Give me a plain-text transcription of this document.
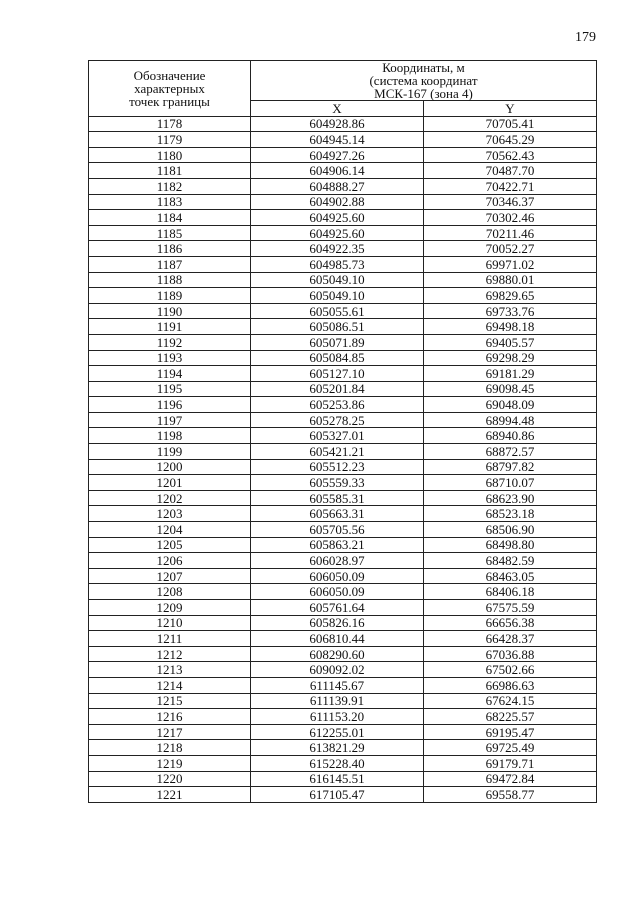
179
Обозначение
характерных
точек границы	Координаты, м
(система координат
МСК-167 (зона 4)	

	X	Y
1178	604928.86	70705.41
1179	604945.14	70645.29
1180	604927.26	70562.43
1181	604906.14	70487.70
1182	604888.27	70422.71
1183	604902.88	70346.37
1184	604925.60	70302.46
1185	604925.60	70211.46
1186	604922.35	70052.27
1187	604985.73	69971.02
1188	605049.10	69880.01
1189	605049.10	69829.65
1190	605055.61	69733.76
1191	605086.51	69498.18
1192	605071.89	69405.57
1193	605084.85	69298.29
1194	605127.10	69181.29
1195	605201.84	69098.45
1196	605253.86	69048.09
1197	605278.25	68994.48
1198	605327.01	68940.86
1199	605421.21	68872.57
1200	605512.23	68797.82
1201	605559.33	68710.07
1202	605585.31	68623.90
1203	605663.31	68523.18
1204	605705.56	68506.90
1205	605863.21	68498.80
1206	606028.97	68482.59
1207	606050.09	68463.05
1208	606050.09	68406.18
1209	605761.64	67575.59
1210	605826.16	66656.38
1211	606810.44	66428.37
1212	608290.60	67036.88
1213	609092.02	67502.66
1214	611145.67	66986.63
1215	611139.91	67624.15
1216	611153.20	68225.57
1217	612255.01	69195.47
1218	613821.29	69725.49
1219	615228.40	69179.71
1220	616145.51	69472.84
1221	617105.47	69558.77
